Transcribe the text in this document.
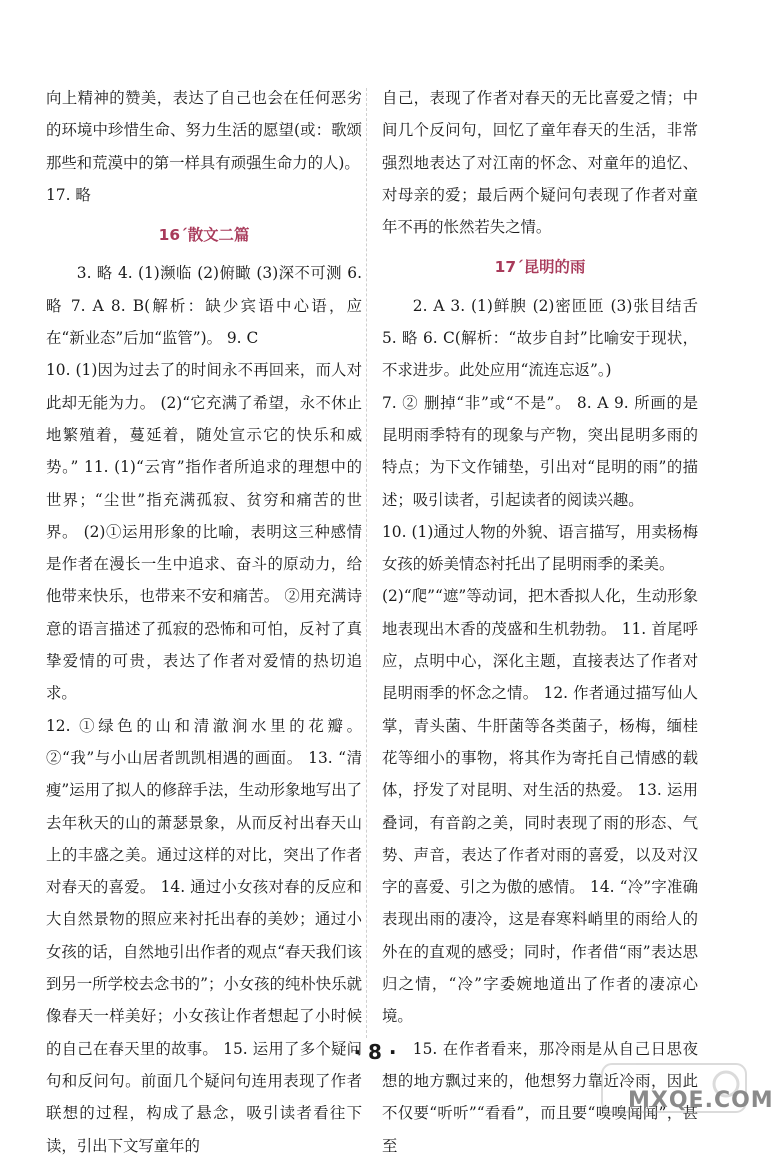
向上精神的赞美，表达了自己也会在任何恶劣的环境中珍惜生命、努力生活的愿望(或：歌颂那些和荒漠中的第一样具有顽强生命力的人)。

17. 略

16ˊ散文二篇

3. 略 4. (1)濒临 (2)俯瞰 (3)深不可测 6. 略 7. A 8. B(解析：缺少宾语中心语，应在“新业态”后加“监管”)。 9. C

10. (1)因为过去了的时间永不再回来，而人对此却无能为力。 (2)“它充满了希望，永不休止地繁殖着，蔓延着，随处宣示它的快乐和威势。” 11. (1)“云宵”指作者所追求的理想中的世界；“尘世”指充满孤寂、贫穷和痛苦的世界。 (2)①运用形象的比喻，表明这三种感情是作者在漫长一生中追求、奋斗的原动力，给他带来快乐，也带来不安和痛苦。 ②用充满诗意的语言描述了孤寂的恐怖和可怕，反衬了真挚爱情的可贵，表达了作者对爱情的热切追求。

12. ①绿色的山和清澈涧水里的花瓣。 ②“我”与小山居者凯凯相遇的画面。 13. “清瘦”运用了拟人的修辞手法，生动形象地写出了去年秋天的山的萧瑟景象，从而反衬出春天山上的丰盛之美。通过这样的对比，突出了作者对春天的喜爱。 14. 通过小女孩对春的反应和大自然景物的照应来衬托出春的美妙；通过小女孩的话，自然地引出作者的观点“春天我们该到另一所学校去念书的”；小女孩的纯朴快乐就像春天一样美好；小女孩让作者想起了小时候的自己在春天里的故事。 15. 运用了多个疑问句和反问句。前面几个疑问句连用表现了作者联想的过程，构成了悬念，吸引读者看往下读，引出下文写童年的

自己，表现了作者对春天的无比喜爱之情；中间几个反问句，回忆了童年春天的生活，非常强烈地表达了对江南的怀念、对童年的追忆、对母亲的爱；最后两个疑问句表现了作者对童年不再的怅然若失之情。

17ˊ昆明的雨

2. A 3. (1)鲜腴 (2)密匝匝 (3)张目结舌 5. 略 6. C(解析：“故步自封”比喻安于现状，不求进步。此处应用“流连忘返”。)

7. ② 删掉“非”或“不是”。 8. A 9. 所画的是昆明雨季特有的现象与产物，突出昆明多雨的特点；为下文作铺垫，引出对“昆明的雨”的描述；吸引读者，引起读者的阅读兴趣。

10. (1)通过人物的外貌、语言描写，用卖杨梅女孩的娇美情态衬托出了昆明雨季的柔美。

(2)“爬”“遮”等动词，把木香拟人化，生动形象地表现出木香的茂盛和生机勃勃。 11. 首尾呼应，点明中心，深化主题，直接表达了作者对昆明雨季的怀念之情。 12. 作者通过描写仙人掌，青头菌、牛肝菌等各类菌子，杨梅，缅桂花等细小的事物，将其作为寄托自己情感的载体，抒发了对昆明、对生活的热爱。 13. 运用叠词，有音韵之美，同时表现了雨的形态、气势、声音，表达了作者对雨的喜爱，以及对汉字的喜爱、引之为傲的感情。 14. “冷”字准确表现出雨的凄冷，这是春寒料峭里的雨给人的外在的直观的感受；同时，作者借“雨”表达思归之情，“冷”字委婉地道出了作者的凄凉心境。

15. 在作者看来，那冷雨是从自己日思夜想的地方飘过来的，他想努力靠近冷雨，因此不仅要“听听”“看看”，而且要“嗅嗅闻闻”，甚至

· 8 ·
MXQE.COM
